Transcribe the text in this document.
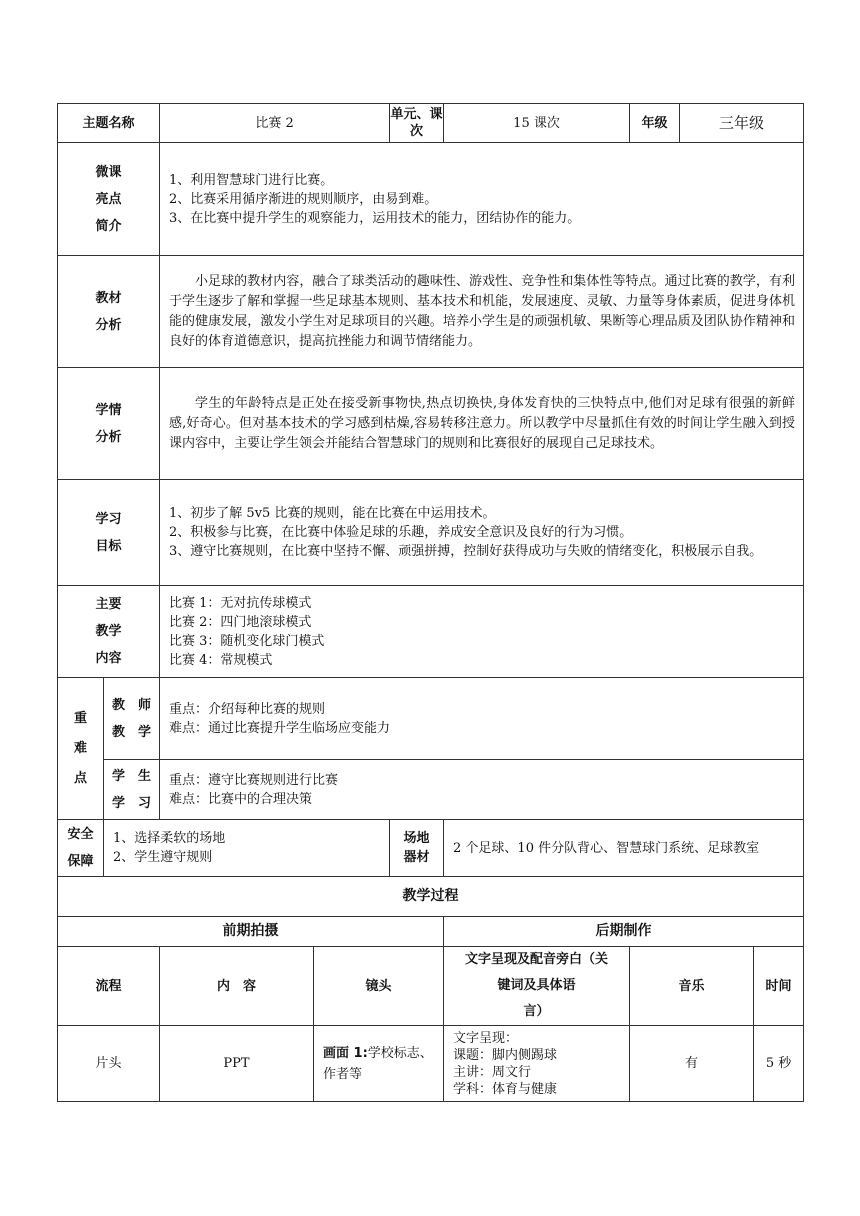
主题名称		比赛 2		单元、课次	15 课次	年级	三年级	

微课
亮点
简介		1、利用智慧球门进行比赛。
2、比赛采用循序渐进的规则顺序，由易到难。
3、在比赛中提升学生的观察能力，运用技术的能力，团结协作的能力。						

教材
分析		小足球的教材内容，融合了球类活动的趣味性、游戏性、竞争性和集体性等特点。通过比赛的教学，有利于学生逐步了解和掌握一些足球基本规则、基本技术和机能，发展速度、灵敏、力量等身体素质，促进身体机能的健康发展，激发小学生对足球项目的兴趣。培养小学生是的顽强机敏、果断等心理品质及团队协作精神和良好的体育道德意识，提高抗挫能力和调节情绪能力。						

学情
分析		学生的年龄特点是正处在接受新事物快,热点切换快,身体发育快的三快特点中,他们对足球有很强的新鲜感,好奇心。但对基本技术的学习感到枯燥,容易转移注意力。所以教学中尽量抓住有效的时间让学生融入到授课内容中，主要让学生领会并能结合智慧球门的规则和比赛很好的展现自己足球技术。						

学习
目标		1、初步了解 5v5 比赛的规则，能在比赛在中运用技术。
2、积极参与比赛，在比赛中体验足球的乐趣，养成安全意识及良好的行为习惯。
3、遵守比赛规则，在比赛中坚持不懈、顽强拼搏，控制好获得成功与失败的情绪变化，积极展示自我。						

主要
教学
内容		比赛 1：无对抗传球模式
比赛 2：四门地滚球模式
比赛 3：随机变化球门模式
比赛 4：常规模式						

重
难
点	教　师
教　学	重点：介绍每种比赛的规则
难点：通过比赛提升学生临场应变能力						

	学　生
学　习	重点：遵守比赛规则进行比赛
难点：比赛中的合理决策						

安全
保障	1、选择柔软的场地
2、学生遵守规则			场地
器材	2 个足球、10 件分队背心、智慧球门系统、足球教室			
教学过程								
前期拍摄					后期制作			
流程		内　容	镜头		文字呈现及配音旁白（关
键词及具体语
言）	音乐		时间
片头		PPT	画面 1:学校标志、作者等		文字呈现：
课题：脚内侧踢球
主讲：周文行
学科：体育与健康	有		5 秒
